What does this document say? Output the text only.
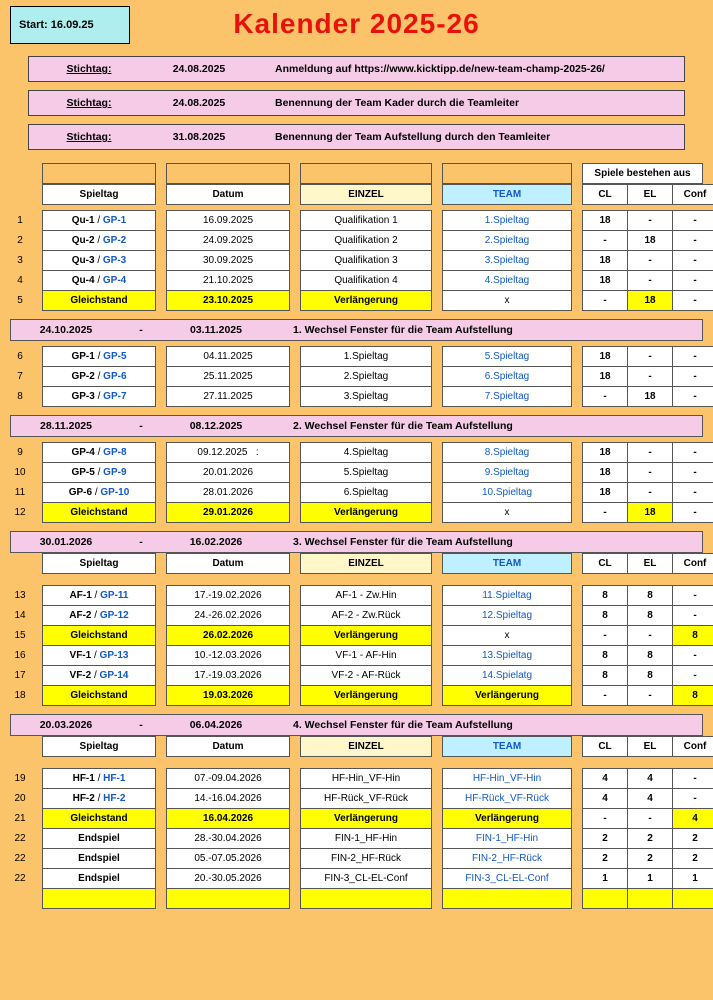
Start: 16.09.25	Kalender 2025-26
Stichtag:	24.08.2025	Anmeldung auf https://www.kicktipp.de/new-team-champ-2025-26/
Stichtag:	24.08.2025	Benennung der Team Kader durch die Teamleiter
Stichtag:	31.08.2025	Benennung der Team Aufstellung durch den Teamleiter
										Spiele bestehen aus
		Spieltag		Datum		EINZEL		TEAM		CL	EL	Conf
1		Qu-1 / GP-1		16.09.2025		Qualifikation 1		1.Spieltag		18	-	-
2		Qu-2 / GP-2		24.09.2025		Qualifikation 2		2.Spieltag		-	18	-
3		Qu-3 / GP-3		30.09.2025		Qualifikation 3		3.Spieltag		18	-	-
4		Qu-4 / GP-4		21.10.2025		Qualifikation 4		4.Spieltag		18	-	-
5		Gleichstand		23.10.2025		Verlängerung		x		-	18	-
24.10.2025	-	03.11.2025	1. Wechsel Fenster für die Team Aufstellung
6		GP-1 / GP-5		04.11.2025		1.Spieltag		5.Spieltag		18	-	-
7		GP-2 / GP-6		25.11.2025		2.Spieltag		6.Spieltag		18	-	-
8		GP-3 / GP-7		27.11.2025		3.Spieltag		7.Spieltag		-	18	-
28.11.2025	-	08.12.2025	2. Wechsel Fenster für die Team Aufstellung
9		GP-4 / GP-8		09.12.2025 :		4.Spieltag		8.Spieltag		18	-	-
10		GP-5 / GP-9		20.01.2026		5.Spieltag		9.Spieltag		18	-	-
11		GP-6 / GP-10		28.01.2026		6.Spieltag		10.Spieltag		18	-	-
12		Gleichstand		29.01.2026		Verlängerung		x		-	18	-
30.01.2026	-	16.02.2026	3. Wechsel Fenster für die Team Aufstellung
		Spieltag		Datum		EINZEL		TEAM		CL	EL	Conf
13		AF-1 / GP-11		17.-19.02.2026		AF-1 - Zw.Hin		11.Spieltag		8	8	-
14		AF-2 / GP-12		24.-26.02.2026		AF-2 - Zw.Rück		12.Spieltag		8	8	-
15		Gleichstand		26.02.2026		Verlängerung		x		-	-	8
16		VF-1 / GP-13		10.-12.03.2026		VF-1 - AF-Hin		13.Spieltag		8	8	-
17		VF-2 / GP-14		17.-19.03.2026		VF-2 - AF-Rück		14.Spielatg		8	8	-
18		Gleichstand		19.03.2026		Verlängerung		Verlängerung		-	-	8
20.03.2026	-	06.04.2026	4. Wechsel Fenster für die Team Aufstellung
		Spieltag		Datum		EINZEL		TEAM		CL	EL	Conf
19		HF-1 / HF-1		07.-09.04.2026		HF-Hin_VF-Hin		HF-Hin_VF-Hin		4	4	-
20		HF-2 / HF-2		14.-16.04.2026		HF-Rück_VF-Rück		HF-Rück_VF-Rück		4	4	-
21		Gleichstand		16.04.2026		Verlängerung		Verlängerung		-	-	4
22		Endspiel		28.-30.04.2026		FIN-1_HF-Hin		FIN-1_HF-Hin		2	2	2
22		Endspiel		05.-07.05.2026		FIN-2_HF-Rück		FIN-2_HF-Rück		2	2	2
22		Endspiel		20.-30.05.2026		FIN-3_CL-EL-Conf		FIN-3_CL-EL-Conf		1	1	1
